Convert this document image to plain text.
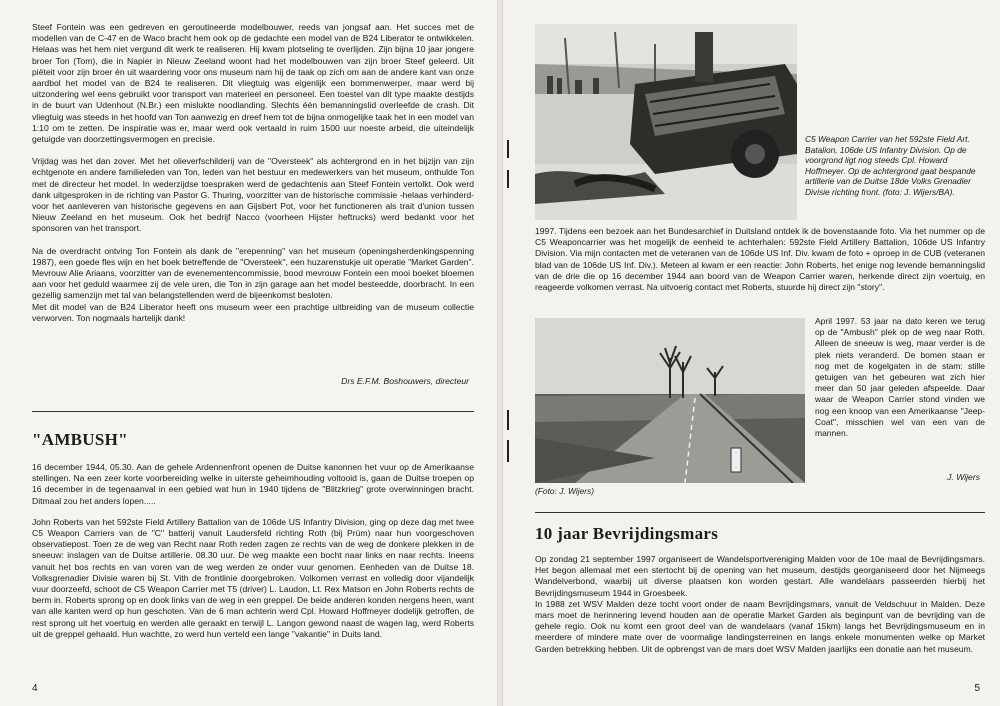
Steef Fontein was een gedreven en geroutineerde modelbouwer, reeds van jongsaf aan. Het succes met de modellen van de C-47 en de Waco bracht hem ook op de gedachte een model van de B24 Liberator te ontwikkelen. Helaas was het hem niet vergund dit werk te realiseren. Hij kwam plotseling te overlijden. Zijn bijna 10 jaar jongere broer Ton (Tom), die in Napier in Nieuw Zeeland woont had het modelbouwen van zijn broer Steef geleerd. Uit piëteit voor zijn broer én uit waardering voor ons museum nam hij de taak op zich om aan de andere kant van onze aardbol het model van de B24 te realiseren. Dit vliegtuig was eigenlijk een bommenwerper, maar werd bij uitzondering wel eens gebruikt voor transport van materieel en personeel. Een toestel van dit type maakte destijds in de buurt van Udenhout (N.Br.) een mislukte noodlanding. Slechts één bemanningslid overleefde de crash. Dit vliegtuig was steeds in het hoofd van Ton aanwezig en dreef hem tot de bijna onmogelijke taak het in een model van 1:10 om te zetten. De inspiratie was er, maar werd ook vertaald in ruim 1500 uur noeste arbeid, die uiteindelijk getuigde van doorzettingsvermogen en precisie.

Vrijdag was het dan zover. Met het olieverfschilderij van de "Oversteek" als achtergrond en in het bijzijn van zijn echtgenote en andere familieleden van Ton, leden van het bestuur en medewerkers van het museum, onthulde Ton met de directeur het model. In wederzijdse toespraken werd de gedachtenis aan Steef Fontein vertolkt. Ook werd dank uitgesproken in de richting van Pastor G. Thuring, voorzitter van de historische commissie -helaas verhinderd- voor het aanleveren van historische gegevens en aan Gijsbert Pot, voor het functioneren als trait d'union tussen Nieuw Zeeland en het museum. Ook het bedrijf Nacco (voorheen Hijster heftrucks) werd bedankt voor het sponsoren van het transport.

Na de overdracht ontving Ton Fontein als dank de "erepenning" van het museum (openingsherdenkingspenning 1987), een goede fles wijn en het boek betreffende de "Oversteek", een huzarenstukje uit operatie "Market Garden". Mevrouw Alie Ariaans, voorzitter van de evenementencommissie, bood mevrouw Fontein een mooi boeket bloemen aan voor het geduld waarmee zij de vele uren, die Ton in zijn garage aan het model besteedde, doorbracht. In een gezellig samenzijn met tal van belangstellenden werd de bijeenkomst besloten.

Met dit model van de B24 Liberator heeft ons museum weer een prachtige uitbreiding van de museum collectie verworven. Ton nogmaals hartelijk dank!

Drs E.F.M. Boshouwers, directeur
"AMBUSH"

16 december 1944, 05.30. Aan de gehele Ardennenfront openen de Duitse kanonnen het vuur op de Amerikaanse stellingen. Na een zeer korte voorbereiding welke in uiterste geheimhouding voltooid is, gaan de Duitse troepen op 16 december in de tegenaanval in een gebied wat hun in 1940 tijdens de "Blitzkrieg" grote overwinningen bracht. Ditmaal zou het anders lopen.....

John Roberts van het 592ste Field Artillery Battalion van de 106de US Infantry Division, ging op deze dag met twee C5 Weapon Carriers van de "C" batterij vanuit Laudersfeld richting Roth (bij Prüm) naar hun voorgeschoven observatiepost. Toen ze de weg van Recht naar Roth reden zagen ze rechts van de weg de donkere plekken in de sneeuw: inslagen van de Duitse artillerie. 08.30 uur. De weg maakte een bocht naar links en naar rechts. Ineens vanuit het bos rechts en van voren van de weg werden ze onder vuur genomen. Eenheden van de Duitse 18. Volksgrenadier Divisie waren bij St. Vith de frontlinie doorgebroken. Volkomen verrast en volledig door vijandelijk vuur doorzeefd, schoot de C5 Weapon Carrier met T5 (driver) L. Laudon, Lt. Rex Matson en John Roberts rechts de berm in. Roberts sprong op en dook links van de weg in een greppel. De beide anderen konden nergens heen, want van alle kanten werd op hun geschoten. Van de 6 man achterin werd Cpl. Howard Hoffmeyer dodelijk getroffen, de rest sprong uit het voertuig en werden alle geraakt en terwijl L. Langon gewond naast de wagen lag, werd Roberts uit de greppel gehaald. Hun wachtte, zo werd hun verteld een lange "vakantie" in Duits land.

4
C5 Weapon Carrier van het 592ste Field Art. Batalion, 106de US Infantry Division. Op de voorgrond ligt nog steeds Cpl. Howard Hoffmeyer. Op de achtergrond gaat bespande artillerie van de Duitse 18de Volks Grenadier Divisie richting front. (foto: J. Wijers/BA).

1997. Tijdens een bezoek aan het Bundesarchief in Duitsland ontdek ik de bovenstaande foto. Via het nummer op de C5 Weaponcarrier was het mogelijk de eenheid te achterhalen: 592ste Field Artillery Battalion, 106de US Infantry Division. Via mijn contacten met de veteranen van de 106de US Inf. Div. kwam de foto + oproep in de CUB (veteranen blad van de 106de US Inf. Div.). Meteen al kwam er een reactie: John Roberts, het enige nog levende bemanningslid van de drie die op 16 december 1944 aan boord van de Weapon Carrier waren, herkende direct zijn voertuig, en reageerde volkomen verrast. Na uitvoerig contact met Roberts, stuurde hij direct zijn "story".

(Foto: J. Wijers)

April 1997. 53 jaar na dato keren we terug op de "Ambush" plek op de weg naar Roth. Alleen de sneeuw is weg, maar verder is de plek niets veranderd. De bomen staan er nog met de kogelgaten in de stam: stille getuigen van het gebeuren wat zich hier meer dan 50 jaar geleden afspeelde. Daar waar de Weapon Carrier stond vinden we nog een knoop van een Amerikaanse "Jeep-Coat", misschien wel van een van de mannen.

J. Wijers
10 jaar Bevrijdingsmars

Op zondag 21 september 1997 organiseert de Wandelsportvereniging Malden voor de 10e maal de Bevrijdingsmars. Het begon allemaal met een stertocht bij de opening van het museum, destijds georganiseerd door het Nijmeegs Wandelverbond, waarbij uit diverse plaatsen kon worden gestart. Alle wandelaars passeerden hierbij het Bevrijdingsmuseum 1944 in Groesbeek.

In 1988 zet WSV Malden deze tocht voort onder de naam Bevrijdingsmars, vanuit de Veldschuur in Malden. Deze mars moet de herinnering levend houden aan de operatie Market Garden als beginpunt van de bevrijding van de gehele regio. Ook nu komt een groot deel van de wandelaars (vanaf 15km) langs het Bevrijdingsmuseum en in meerdere of mindere mate over de voormalige landingsterreinen en langs enkele monumenten welke op Market Garden betrekking hebben. Uit de opbrengst van de mars doet WSV Malden jaarlijks een donatie aan het museum.

5
